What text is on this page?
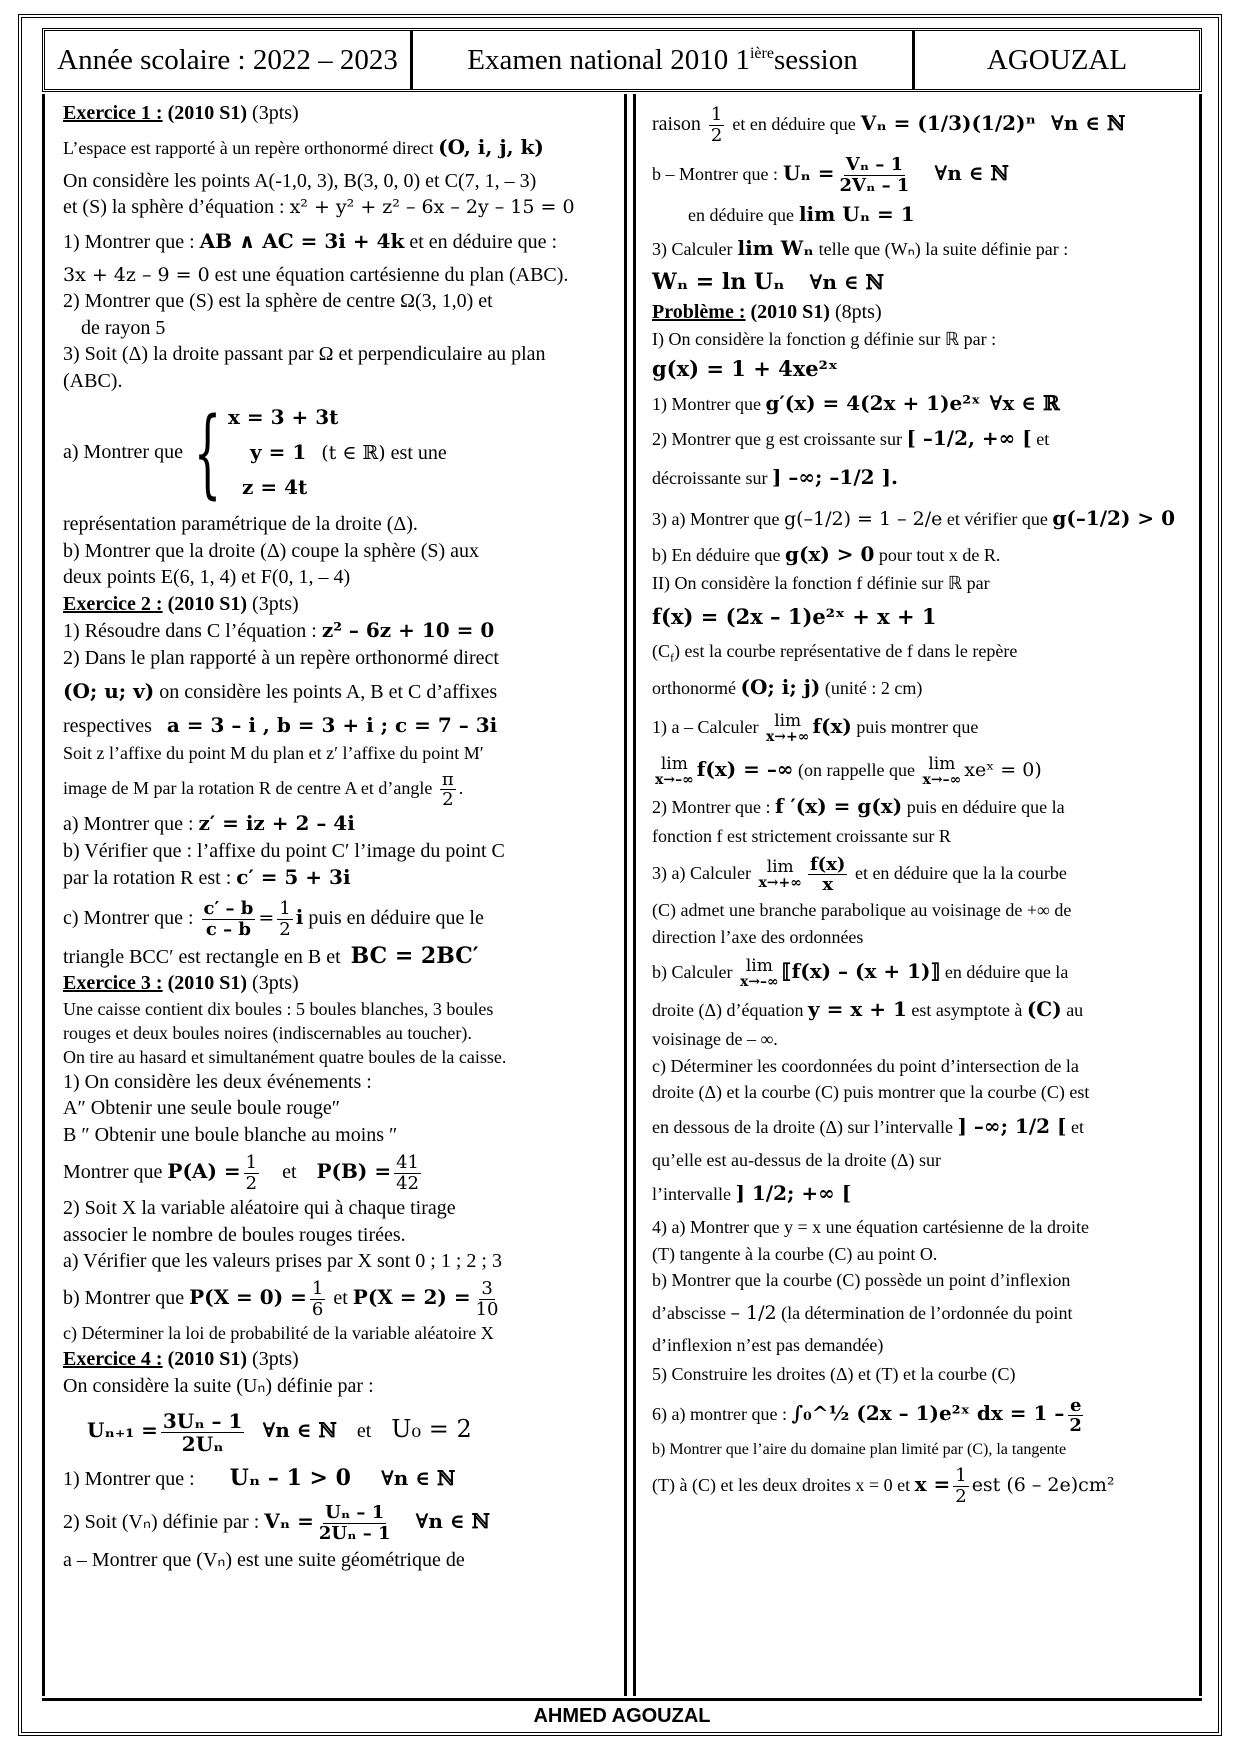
Année scolaire : 2022 – 2023 Examen national 2010 $1^{ière}$ session	AGOUZAL
Exercice 1 : (2010 S1) (3pts)
L’espace est rapporté à un repère orthonormé direct (O, i, j, k)
On considère les points A(-1,0, 3), B(3, 0, 0) et C(7, 1, – 3)
et (S) la sphère d’équation : x² + y² + z² – 6x – 2y – 15 = 0
1) Montrer que : AB ∧ AC = 3i + 4k et en déduire que :
3x + 4z – 9 = 0 est une équation cartésienne du plan (ABC).
2) Montrer que (S) est la sphère de centre Ω(3, 1,0) et
de rayon 5
3) Soit (Δ) la droite passant par Ω et perpendiculaire au plan
(ABC).
a) Montrer que { x = 3 + 3t
y = 1 (t ∈ ℝ) est une
z = 4t
représentation paramétrique de la droite (Δ).
b) Montrer que la droite (Δ) coupe la sphère (S) aux
deux points E(6, 1, 4) et F(0, 1, – 4)
Exercice 2 : (2010 S1) (3pts)
1) Résoudre dans C l’équation : z² – 6z + 10 = 0
2) Dans le plan rapporté à un repère orthonormé direct
(O; u; v) on considère les points A, B et C d’affixes
respectives a = 3 – i , b = 3 + i ; c = 7 – 3i
Soit z l’affixe du point M du plan et z′ l’affixe du point M′
image de M par la rotation R de centre A et d’angle $\frac{\pi}{2}$ .
a) Montrer que : z′ = iz + 2 – 4i
b) Vérifier que : l’affixe du point C′ l’image du point C
par la rotation R est : c′ = 5 + 3i
c) Montrer que : $\frac{c' - b}{c - b} = \frac{1}{2}$ i puis en déduire que le
triangle BCC′ est rectangle en B et BC = 2BC′
Exercice 3 : (2010 S1) (3pts)
Une caisse contient dix boules : 5 boules blanches, 3 boules
rouges et deux boules noires (indiscernables au toucher).
On tire au hasard et simultanément quatre boules de la caisse.
1) On considère les deux événements :
A″ Obtenir une seule boule rouge″
B ″ Obtenir une boule blanche au moins ″
Montrer que $P(A) = \frac{1}{2}$ et $P(B) = \frac{41}{42}$
2) Soit X la variable aléatoire qui à chaque tirage
associer le nombre de boules rouges tirées.
a) Vérifier que les valeurs prises par X sont 0 ; 1 ; 2 ; 3
b) Montrer que $P(X = 0) = \frac{1}{6}$ et $P(X = 2) = \frac{3}{10}$
c) Déterminer la loi de probabilité de la variable aléatoire X
Exercice 4 : (2010 S1) (3pts)
On considère la suite (Uₙ) définie par :
$U_{n+1} = \frac{\text{3Uₙ – 1}}{\text{2Uₙ}}$ ∀n ∈ ℕ et U₀ = 2
1) Montrer que : Uₙ – 1 > 0 ∀n ∈ ℕ
2) Soit (Vₙ) définie par : $V_n = \frac{\text{Uₙ – 1}}{\text{2Uₙ – 1}}$ ∀n ∈ ℕ
a – Montrer que (Vₙ) est une suite géométrique de
raison $\frac{1}{2}$ et en déduire que Vₙ = (1/3)(1/2)ⁿ ∀n ∈ ℕ
b – Montrer que : $U_n = \frac{\text{Vₙ – 1}}{\text{2Vₙ – 1}}$ ∀n ∈ ℕ
en déduire que lim Uₙ = 1
3) Calculer lim Wₙ telle que (Wₙ) la suite définie par :
Wₙ = ln Uₙ ∀n ∈ ℕ
Problème : (2010 S1) (8pts)
I) On considère la fonction g définie sur ℝ par :
g(x) = 1 + 4xe²ˣ
1) Montrer que g′(x) = 4(2x + 1)e²ˣ ∀x ∈ ℝ
2) Montrer que g est croissante sur [ –1/2, +∞ [ et
décroissante sur ] –∞; –1/2 ].
3) a) Montrer que g(–1/2) = 1 – 2/e et vérifier que g(–1/2) > 0
b) En déduire que g(x) > 0 pour tout x de R.
II) On considère la fonction f définie sur ℝ par
f(x) = (2x – 1)e²ˣ + x + 1
$(C_f)$ est la courbe représentative de f dans le repère
orthonormé (O; i; j) (unité : 2 cm)
1) a – Calculer lim
x→+∞ f(x) puis montrer que
lim
x→–∞ f(x) = –∞ (on rappelle que lim
x→–∞ xeˣ = 0)
2) Montrer que : f ′(x) = g(x) puis en déduire que la
fonction f est strictement croissante sur R
3) a) Calculer lim
$x\to+\infty \frac{f(x)}{x}$ et en déduire que la la courbe
(C) admet une branche parabolique au voisinage de +∞ de
direction l’axe des ordonnées
b) Calculer lim
x→–∞ ⟦f(x) – (x + 1)⟧ en déduire que la
droite (Δ) d’équation y = x + 1 est asymptote à (C) au
voisinage de – ∞.
c) Déterminer les coordonnées du point d’intersection de la
droite (Δ) et la courbe (C) puis montrer que la courbe (C) est
en dessous de la droite (Δ) sur l’intervalle ] –∞; 1/2 [ et
qu’elle est au-dessus de la droite (Δ) sur
l’intervalle ] 1/2; +∞ [
4) a) Montrer que y = x une équation cartésienne de la droite
(T) tangente à la courbe (C) au point O.
b) Montrer que la courbe (C) possède un point d’inflexion
d’abscisse – 1/2 (la détermination de l’ordonnée du point
d’inflexion n’est pas demandée)
5) Construire les droites (Δ) et (T) et la courbe (C)
6) a) montrer que : ∫₀^½ (2x – 1)e²ˣ dx = $1 - \frac{e}{2}$
b) Montrer que l’aire du domaine plan limité par (C), la tangente
(T) à (C) et les deux droites x = 0 et $x = \frac{1}{2}$ est (6 – 2e)cm²
AHMED AGOUZAL
